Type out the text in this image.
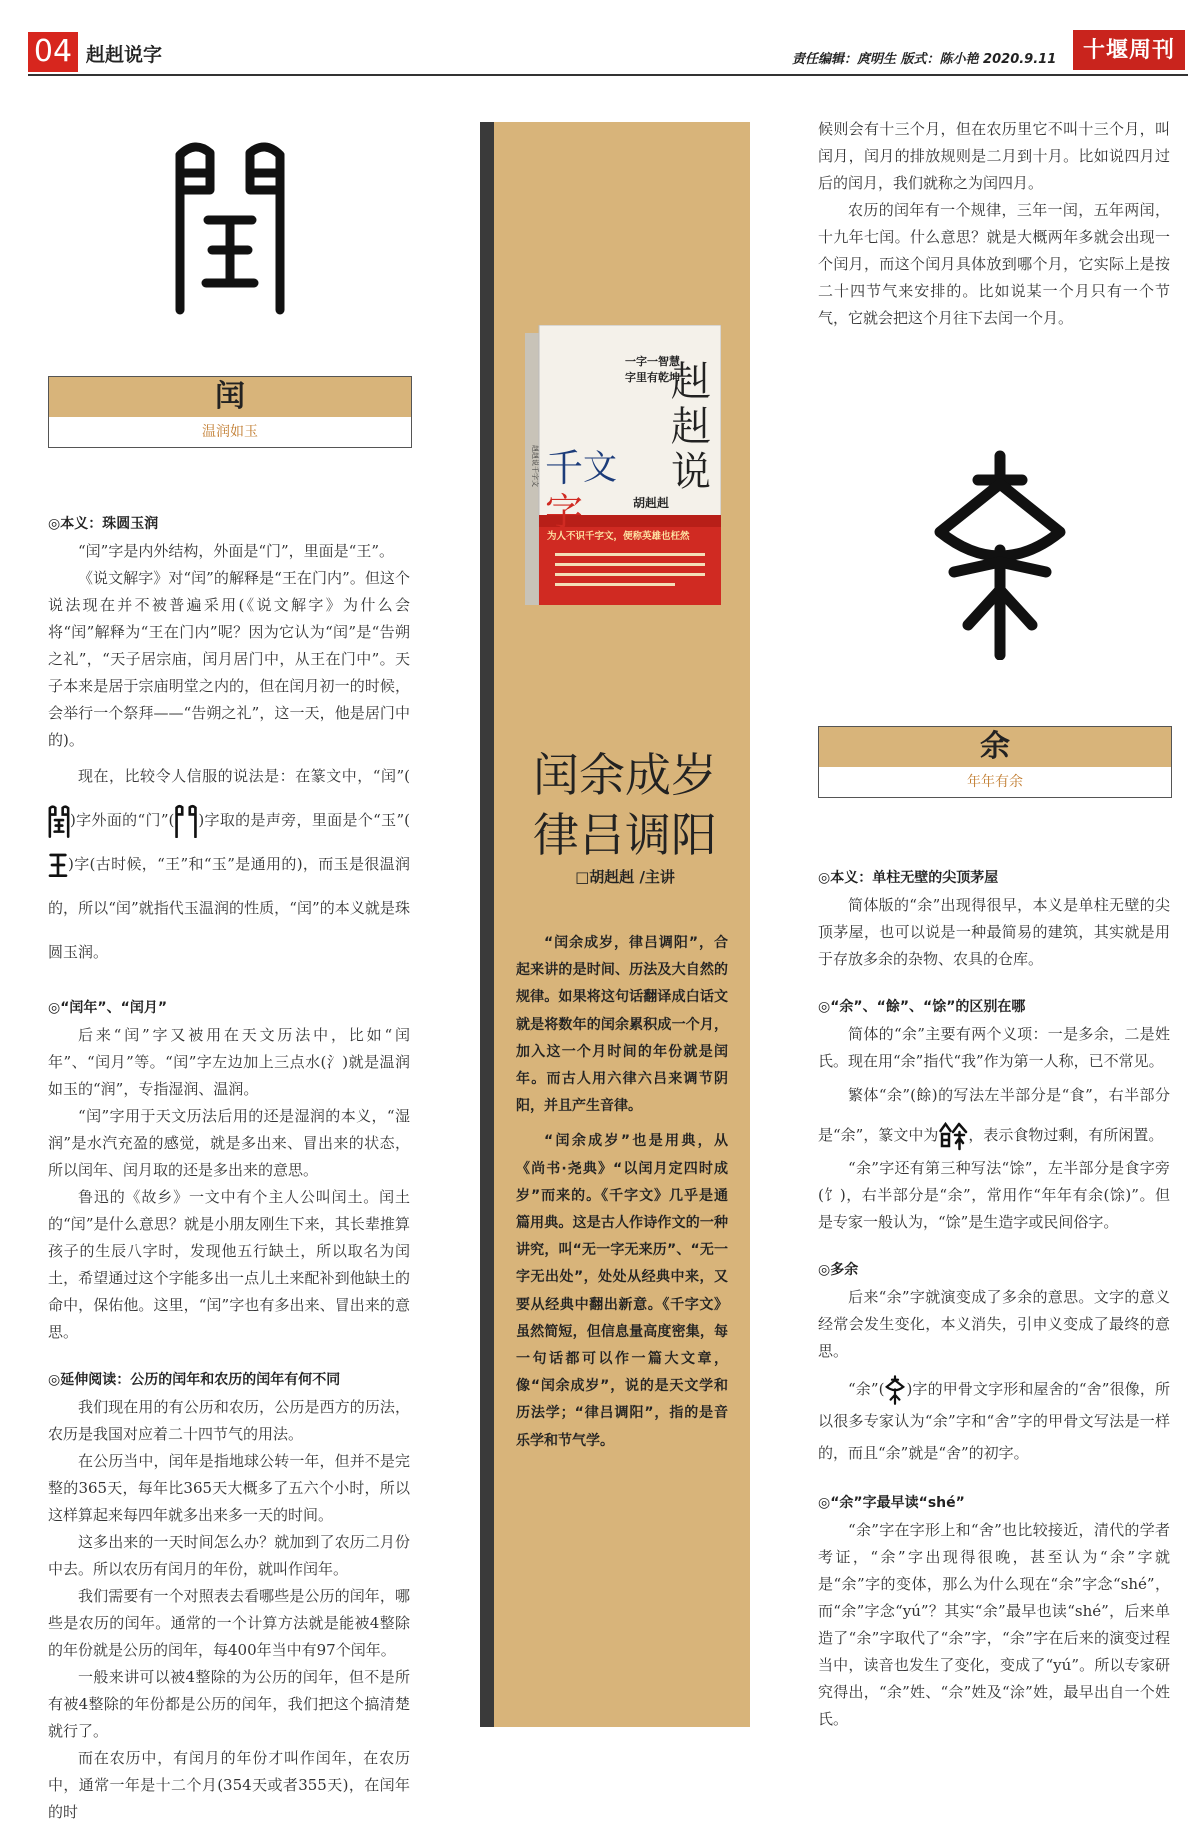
04 赳赳说字	责任编辑：庹明生 版式：陈小艳 2020.9.11	十堰周刊
闰
温润如玉
◎本义：珠圆玉润

“闰”字是内外结构，外面是“门”，里面是“王”。

《说文解字》对“闰”的解释是“王在门内”。但这个说法现在并不被普遍采用(《说文解字》为什么会将“闰”解释为“王在门内”呢？因为它认为“闰”是“告朔之礼”，“天子居宗庙，闰月居门中，从王在门中”。天子本来是居于宗庙明堂之内的，但在闰月初一的时候，会举行一个祭拜——“告朔之礼”，这一天，他是居门中的)。

现在，比较令人信服的说法是：在篆文中，“闰”()字外面的“门”( )字取的是声旁，里面是个“玉”()字(古时候，“王”和“玉”是通用的)，而玉是很温润的，所以“闰”就指代玉温润的性质，“闰”的本义就是珠圆玉润。

◎“闰年”、“闰月”

后来“闰”字又被用在天文历法中，比如“闰年”、“闰月”等。“闰”字左边加上三点水(氵)就是温润如玉的“润”，专指湿润、温润。

“闰”字用于天文历法后用的还是湿润的本义，“湿润”是水汽充盈的感觉，就是多出来、冒出来的状态，所以闰年、闰月取的还是多出来的意思。

鲁迅的《故乡》一文中有个主人公叫闰土。闰土的“闰”是什么意思？就是小朋友刚生下来，其长辈推算孩子的生辰八字时，发现他五行缺土，所以取名为闰土，希望通过这个字能多出一点儿土来配补到他缺土的命中，保佑他。这里，“闰”字也有多出来、冒出来的意思。

◎延伸阅读：公历的闰年和农历的闰年有何不同

我们现在用的有公历和农历，公历是西方的历法，农历是我国对应着二十四节气的用法。

在公历当中，闰年是指地球公转一年，但并不是完整的365天，每年比365天大概多了五六个小时，所以这样算起来每四年就多出来多一天的时间。

这多出来的一天时间怎么办？就加到了农历二月份中去。所以农历有闰月的年份，就叫作闰年。

我们需要有一个对照表去看哪些是公历的闰年，哪些是农历的闰年。通常的一个计算方法就是能被4整除的年份就是公历的闰年，每400年当中有97个闰年。

一般来讲可以被4整除的为公历的闰年，但不是所有被4整除的年份都是公历的闰年，我们把这个搞清楚就行了。

而在农历中，有闰月的年份才叫作闰年，在农历中，通常一年是十二个月(354天或者355天)，在闰年的时

千
字
文
赳
赳
说
一字一智慧
字里有乾坤
胡赳赳
为人不识千字文，便称英雄也枉然
赳赳说千字文
闰余成岁
律吕调阳
□胡赳赳 /主讲

“闰余成岁，律吕调阳”，合起来讲的是时间、历法及大自然的规律。如果将这句话翻译成白话文就是将数年的闰余累积成一个月，加入这一个月时间的年份就是闰年。而古人用六律六吕来调节阴阳，并且产生音律。

“闰余成岁”也是用典，从《尚书·尧典》“以闰月定四时成岁”而来的。《千字文》几乎是通篇用典。这是古人作诗作文的一种讲究，叫“无一字无来历”、“无一字无出处”，处处从经典中来，又要从经典中翻出新意。《千字文》虽然简短，但信息量高度密集，每一句话都可以作一篇大文章，像“闰余成岁”，说的是天文学和历法学；“律吕调阳”，指的是音乐学和节气学。

候则会有十三个月，但在农历里它不叫十三个月，叫闰月，闰月的排放规则是二月到十月。比如说四月过后的闰月，我们就称之为闰四月。

农历的闰年有一个规律，三年一闰，五年两闰，十九年七闰。什么意思？就是大概两年多就会出现一个闰月，而这个闰月具体放到哪个月，它实际上是按二十四节气来安排的。比如说某一个月只有一个节气，它就会把这个月往下去闰一个月。

余
年年有余
◎本义：单柱无壁的尖顶茅屋

简体版的“余”出现得很早，本义是单柱无壁的尖顶茅屋，也可以说是一种最简易的建筑，其实就是用于存放多余的杂物、农具的仓库。

◎“余”、“餘”、“馀”的区别在哪

简体的“余”主要有两个义项：一是多余，二是姓氏。现在用“余”指代“我”作为第一人称，已不常见。

繁体“余”(餘)的写法左半部分是“食”，右半部分是“余”，篆文中为 ，表示食物过剩，有所闲置。

“余”字还有第三种写法“馀”，左半部分是食字旁(饣)，右半部分是“余”，常用作“年年有余(馀)”。但是专家一般认为，“馀”是生造字或民间俗字。

◎多余

后来“余”字就演变成了多余的意思。文字的意义经常会发生变化，本义消失，引申义变成了最终的意思。

“余”( )字的甲骨文字形和屋舍的“舍”很像，所以很多专家认为“余”字和“舍”字的甲骨文写法是一样的，而且“余”就是“舍”的初字。

◎“余”字最早读“shé”

“余”字在字形上和“舍”也比较接近，清代的学者考证，“余”字出现得很晚，甚至认为“余”字就是“余”字的变体，那么为什么现在“余”字念“shé”，而“余”字念“yú”？其实“余”最早也读“shé”，后来单造了“余”字取代了“余”字，“余”字在后来的演变过程当中，读音也发生了变化，变成了“yú”。所以专家研究得出，“余”姓、“佘”姓及“涂”姓，最早出自一个姓氏。
